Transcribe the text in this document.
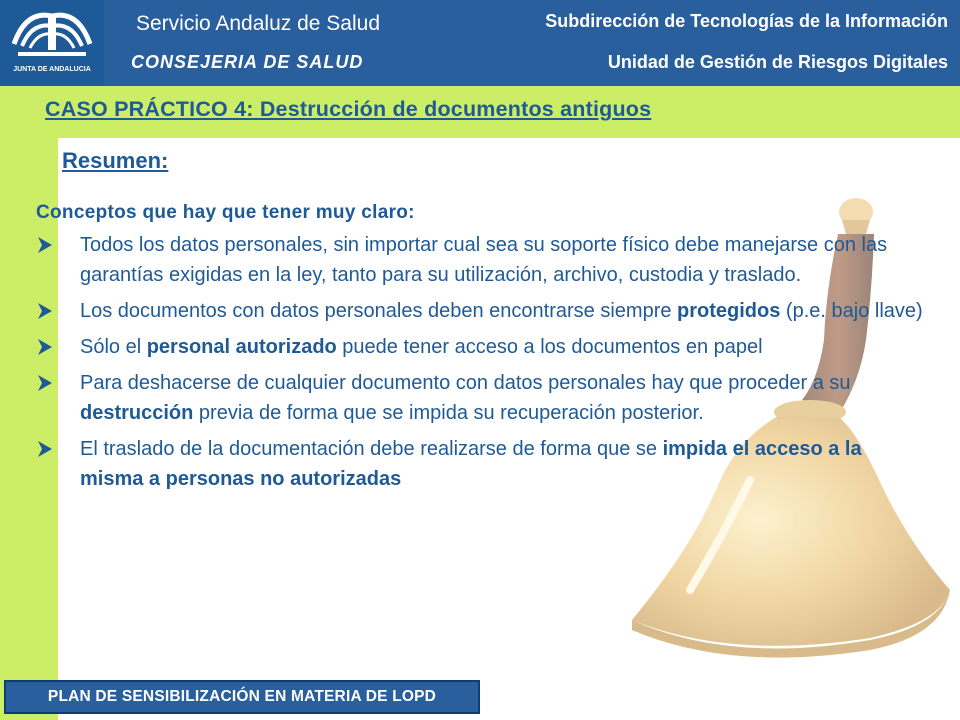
JUNTA DE ANDALUCIA
Servicio Andaluz de Salud
CONSEJERIA DE SALUD
Subdirección de Tecnologías de la Información
Unidad de Gestión de Riesgos Digitales
CASO PRÁCTICO 4: Destrucción de documentos antiguos
Resumen:
Conceptos que hay que tener muy claro:
Todos los datos personales, sin importar cual sea su soporte físico debe manejarse con las garantías exigidas en la ley, tanto para su utilización, archivo, custodia y traslado.
Los documentos con datos personales deben encontrarse siempre protegidos (p.e. bajo llave)
Sólo el personal autorizado puede tener acceso a los documentos en papel
Para deshacerse de cualquier documento con datos personales hay que proceder a su destrucción previa de forma que se impida su recuperación posterior.
El traslado de la documentación debe realizarse de forma que se impida el acceso a la misma a personas no autorizadas
PLAN DE SENSIBILIZACIÓN EN MATERIA DE LOPD
